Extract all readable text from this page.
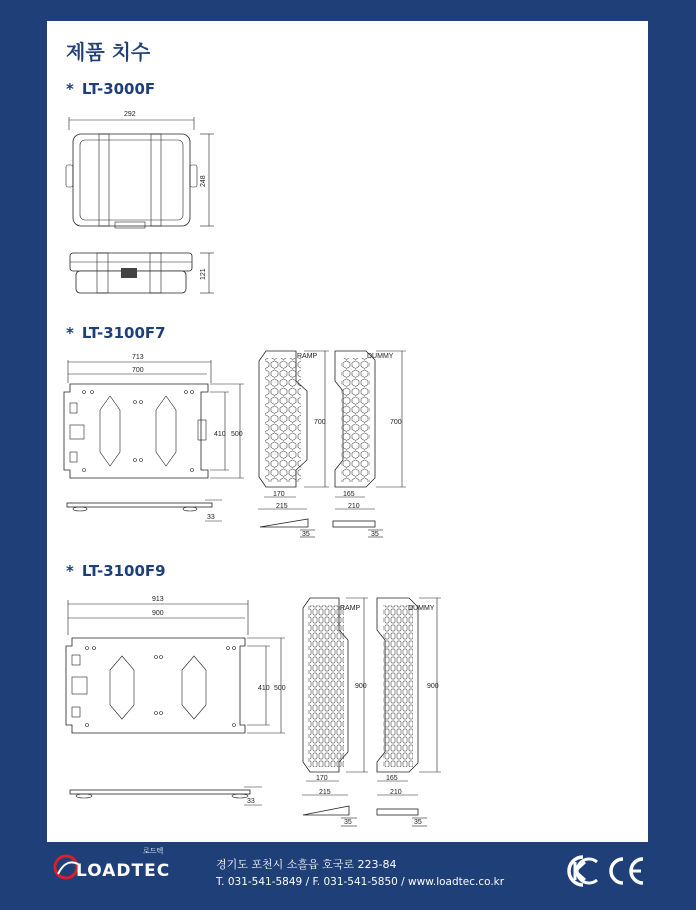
제품 치수
* LT-3000F
* LT-3100F7
* LT-3100F9
292
248
121
713
700
410 500
33
RAMP
700
170
215
DUMMY
700
165
210
35	35
913
900
410 500
33
RAMP
900
170
215
DUMMY
900
165
210
35	35
로드텍
LOADTEC	경기도 포천시 소흘읍 호국로 223-84
T. 031-541-5849 / F. 031-541-5850 / www.loadtec.co.kr
